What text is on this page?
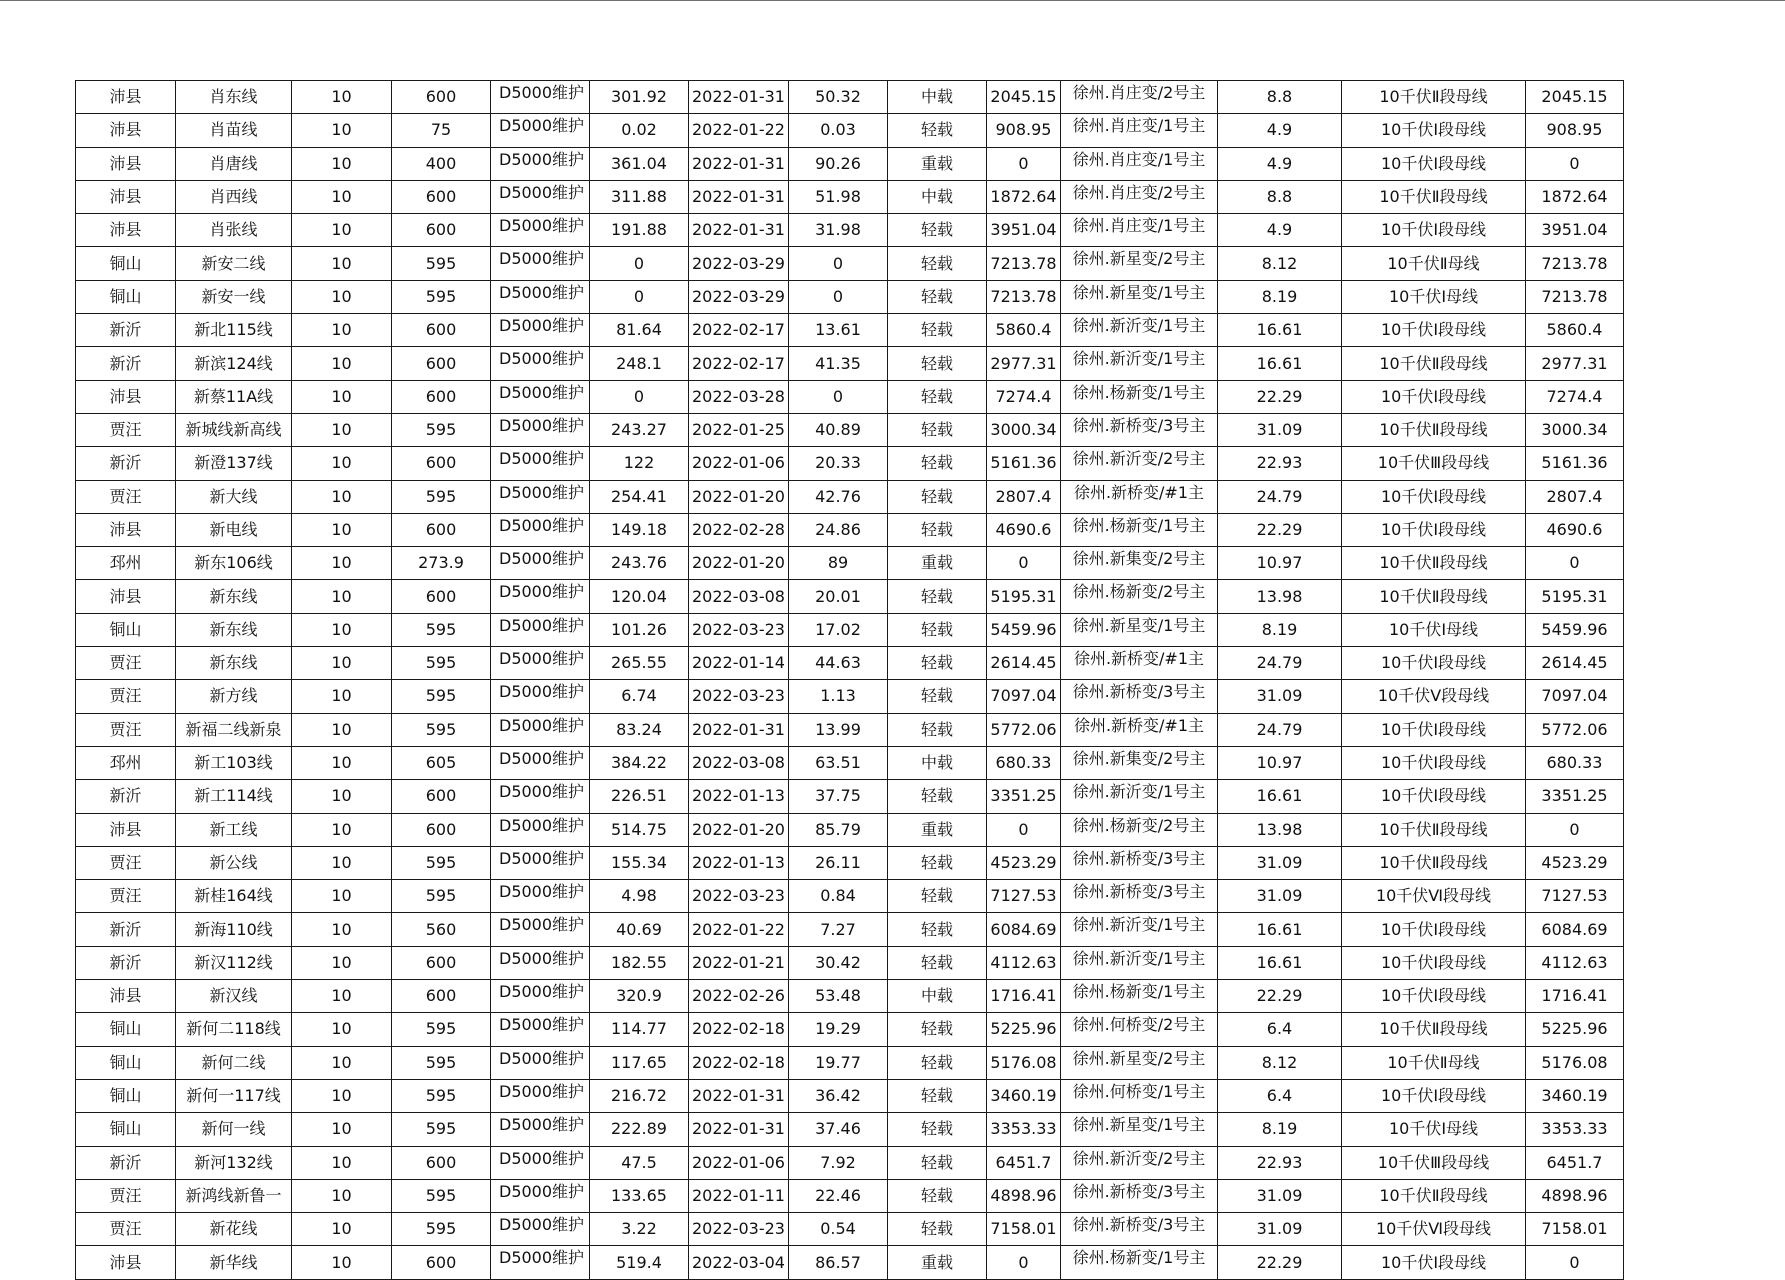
沛县	肖东线	10	600	D5000维护	301.92	2022-01-31	50.32	中载	2045.15	徐州.肖庄变/2号主	8.8	10千伏Ⅱ段母线	2045.15
沛县	肖苗线	10	75	D5000维护	0.02	2022-01-22	0.03	轻载	908.95	徐州.肖庄变/1号主	4.9	10千伏Ⅰ段母线	908.95
沛县	肖唐线	10	400	D5000维护	361.04	2022-01-31	90.26	重载	0	徐州.肖庄变/1号主	4.9	10千伏Ⅰ段母线	0
沛县	肖西线	10	600	D5000维护	311.88	2022-01-31	51.98	中载	1872.64	徐州.肖庄变/2号主	8.8	10千伏Ⅱ段母线	1872.64
沛县	肖张线	10	600	D5000维护	191.88	2022-01-31	31.98	轻载	3951.04	徐州.肖庄变/1号主	4.9	10千伏Ⅰ段母线	3951.04
铜山	新安二线	10	595	D5000维护	0	2022-03-29	0	轻载	7213.78	徐州.新星变/2号主	8.12	10千伏Ⅱ母线	7213.78
铜山	新安一线	10	595	D5000维护	0	2022-03-29	0	轻载	7213.78	徐州.新星变/1号主	8.19	10千伏Ⅰ母线	7213.78
新沂	新北115线	10	600	D5000维护	81.64	2022-02-17	13.61	轻载	5860.4	徐州.新沂变/1号主	16.61	10千伏Ⅰ段母线	5860.4
新沂	新滨124线	10	600	D5000维护	248.1	2022-02-17	41.35	轻载	2977.31	徐州.新沂变/1号主	16.61	10千伏Ⅱ段母线	2977.31
沛县	新蔡11A线	10	600	D5000维护	0	2022-03-28	0	轻载	7274.4	徐州.杨新变/1号主	22.29	10千伏Ⅰ段母线	7274.4
贾汪	新城线新高线	10	595	D5000维护	243.27	2022-01-25	40.89	轻载	3000.34	徐州.新桥变/3号主	31.09	10千伏Ⅱ段母线	3000.34
新沂	新澄137线	10	600	D5000维护	122	2022-01-06	20.33	轻载	5161.36	徐州.新沂变/2号主	22.93	10千伏Ⅲ段母线	5161.36
贾汪	新大线	10	595	D5000维护	254.41	2022-01-20	42.76	轻载	2807.4	徐州.新桥变/#1主	24.79	10千伏Ⅰ段母线	2807.4
沛县	新电线	10	600	D5000维护	149.18	2022-02-28	24.86	轻载	4690.6	徐州.杨新变/1号主	22.29	10千伏Ⅰ段母线	4690.6
邳州	新东106线	10	273.9	D5000维护	243.76	2022-01-20	89	重载	0	徐州.新集变/2号主	10.97	10千伏Ⅱ段母线	0
沛县	新东线	10	600	D5000维护	120.04	2022-03-08	20.01	轻载	5195.31	徐州.杨新变/2号主	13.98	10千伏Ⅱ段母线	5195.31
铜山	新东线	10	595	D5000维护	101.26	2022-03-23	17.02	轻载	5459.96	徐州.新星变/1号主	8.19	10千伏Ⅰ母线	5459.96
贾汪	新东线	10	595	D5000维护	265.55	2022-01-14	44.63	轻载	2614.45	徐州.新桥变/#1主	24.79	10千伏Ⅰ段母线	2614.45
贾汪	新方线	10	595	D5000维护	6.74	2022-03-23	1.13	轻载	7097.04	徐州.新桥变/3号主	31.09	10千伏Ⅴ段母线	7097.04
贾汪	新福二线新泉	10	595	D5000维护	83.24	2022-01-31	13.99	轻载	5772.06	徐州.新桥变/#1主	24.79	10千伏Ⅰ段母线	5772.06
邳州	新工103线	10	605	D5000维护	384.22	2022-03-08	63.51	中载	680.33	徐州.新集变/2号主	10.97	10千伏Ⅰ段母线	680.33
新沂	新工114线	10	600	D5000维护	226.51	2022-01-13	37.75	轻载	3351.25	徐州.新沂变/1号主	16.61	10千伏Ⅰ段母线	3351.25
沛县	新工线	10	600	D5000维护	514.75	2022-01-20	85.79	重载	0	徐州.杨新变/2号主	13.98	10千伏Ⅱ段母线	0
贾汪	新公线	10	595	D5000维护	155.34	2022-01-13	26.11	轻载	4523.29	徐州.新桥变/3号主	31.09	10千伏Ⅱ段母线	4523.29
贾汪	新桂164线	10	595	D5000维护	4.98	2022-03-23	0.84	轻载	7127.53	徐州.新桥变/3号主	31.09	10千伏Ⅵ段母线	7127.53
新沂	新海110线	10	560	D5000维护	40.69	2022-01-22	7.27	轻载	6084.69	徐州.新沂变/1号主	16.61	10千伏Ⅰ段母线	6084.69
新沂	新汉112线	10	600	D5000维护	182.55	2022-01-21	30.42	轻载	4112.63	徐州.新沂变/1号主	16.61	10千伏Ⅰ段母线	4112.63
沛县	新汉线	10	600	D5000维护	320.9	2022-02-26	53.48	中载	1716.41	徐州.杨新变/1号主	22.29	10千伏Ⅰ段母线	1716.41
铜山	新何二118线	10	595	D5000维护	114.77	2022-02-18	19.29	轻载	5225.96	徐州.何桥变/2号主	6.4	10千伏Ⅱ段母线	5225.96
铜山	新何二线	10	595	D5000维护	117.65	2022-02-18	19.77	轻载	5176.08	徐州.新星变/2号主	8.12	10千伏Ⅱ母线	5176.08
铜山	新何一117线	10	595	D5000维护	216.72	2022-01-31	36.42	轻载	3460.19	徐州.何桥变/1号主	6.4	10千伏Ⅰ段母线	3460.19
铜山	新何一线	10	595	D5000维护	222.89	2022-01-31	37.46	轻载	3353.33	徐州.新星变/1号主	8.19	10千伏Ⅰ母线	3353.33
新沂	新河132线	10	600	D5000维护	47.5	2022-01-06	7.92	轻载	6451.7	徐州.新沂变/2号主	22.93	10千伏Ⅲ段母线	6451.7
贾汪	新鸿线新鲁一	10	595	D5000维护	133.65	2022-01-11	22.46	轻载	4898.96	徐州.新桥变/3号主	31.09	10千伏Ⅱ段母线	4898.96
贾汪	新花线	10	595	D5000维护	3.22	2022-03-23	0.54	轻载	7158.01	徐州.新桥变/3号主	31.09	10千伏Ⅵ段母线	7158.01
沛县	新华线	10	600	D5000维护	519.4	2022-03-04	86.57	重载	0	徐州.杨新变/1号主	22.29	10千伏Ⅰ段母线	0
